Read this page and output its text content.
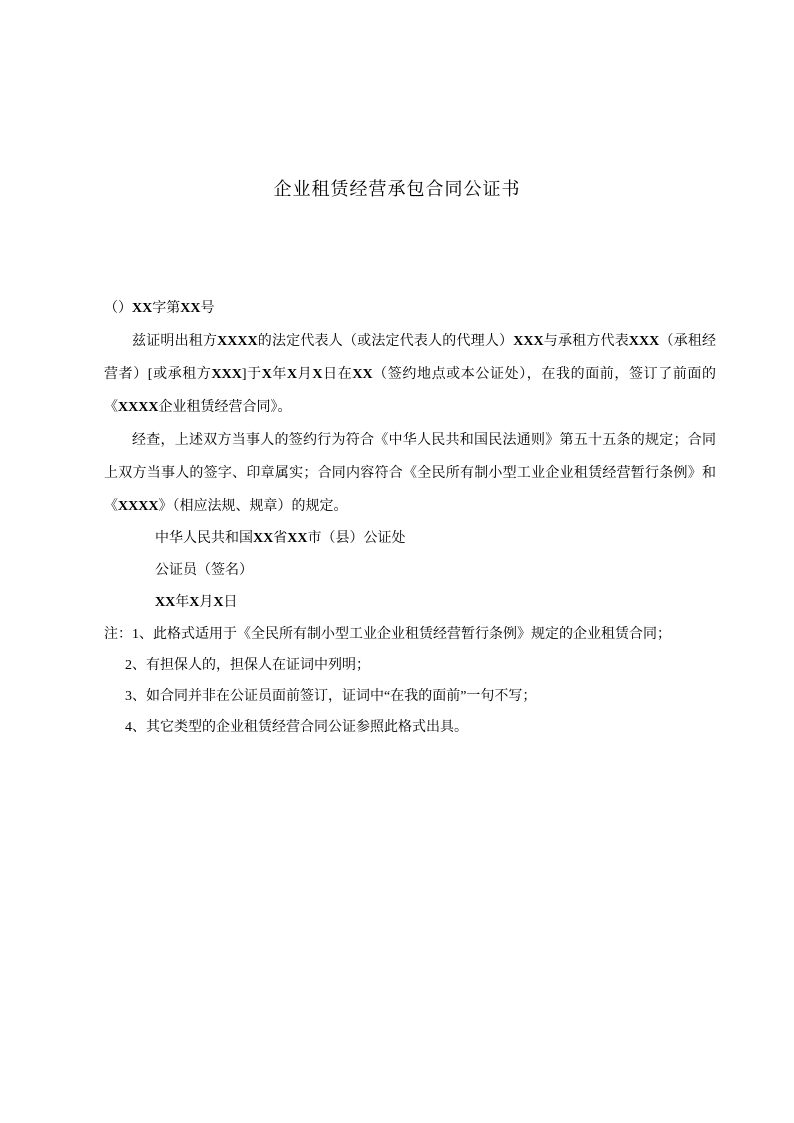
企业租赁经营承包合同公证书

（）XX字第XX号

兹证明出租方XXXX的法定代表人（或法定代表人的代理人）XXX与承租方代表XXX（承租经营者）[或承租方XXX]于X年X月X日在XX（签约地点或本公证处），在我的面前，签订了前面的《XXXX企业租赁经营合同》。

经查，上述双方当事人的签约行为符合《中华人民共和国民法通则》第五十五条的规定；合同上双方当事人的签字、印章属实；合同内容符合《全民所有制小型工业企业租赁经营暂行条例》和《XXXX》（相应法规、规章）的规定。

中华人民共和国XX省XX市（县）公证处

公证员（签名）

XX年X月X日

注：1、此格式适用于《全民所有制小型工业企业租赁经营暂行条例》规定的企业租赁合同；

2、有担保人的，担保人在证词中列明；

3、如合同并非在公证员面前签订，证词中“在我的面前”一句不写；

4、其它类型的企业租赁经营合同公证参照此格式出具。
